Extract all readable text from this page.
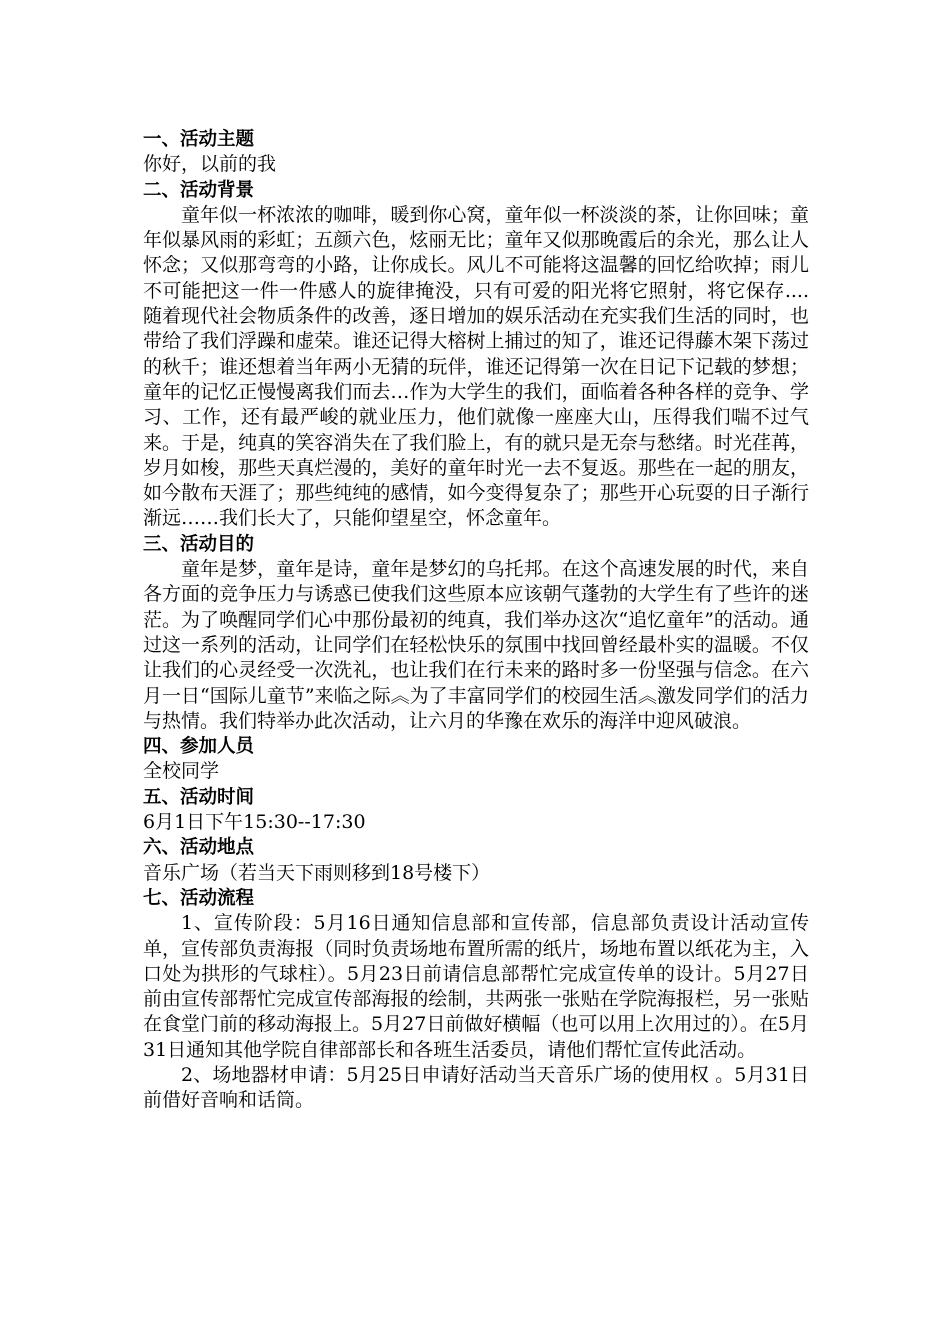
一、活动主题

你好，以前的我

二、活动背景

童年似一杯浓浓的咖啡，暖到你心窝，童年似一杯淡淡的茶，让你回味；童年似暴风雨的彩虹；五颜六色，炫丽无比；童年又似那晚霞后的余光，那么让人怀念；又似那弯弯的小路，让你成长。风儿不可能将这温馨的回忆给吹掉；雨儿不可能把这一件一件感人的旋律掩没，只有可爱的阳光将它照射，将它保存.... 随着现代社会物质条件的改善，逐日增加的娱乐活动在充实我们生活的同时，也带给了我们浮躁和虚荣。谁还记得大榕树上捕过的知了，谁还记得藤木架下荡过的秋千；谁还想着当年两小无猜的玩伴，谁还记得第一次在日记下记载的梦想；童年的记忆正慢慢离我们而去…作为大学生的我们，面临着各种各样的竞争、学习、工作，还有最严峻的就业压力，他们就像一座座大山，压得我们喘不过气来。于是，纯真的笑容消失在了我们脸上，有的就只是无奈与愁绪。时光荏苒，岁月如梭，那些天真烂漫的，美好的童年时光一去不复返。那些在一起的朋友，如今散布天涯了；那些纯纯的感情，如今变得复杂了；那些开心玩耍的日子渐行渐远……我们长大了，只能仰望星空，怀念童年。

三、活动目的

童年是梦，童年是诗，童年是梦幻的乌托邦。在这个高速发展的时代，来自各方面的竞争压力与诱惑已使我们这些原本应该朝气蓬勃的大学生有了些许的迷茫。为了唤醒同学们心中那份最初的纯真，我们举办这次“追忆童年”的活动。通过这一系列的活动，让同学们在轻松快乐的氛围中找回曾经最朴实的温暖。不仅让我们的心灵经受一次洗礼，也让我们在行未来的路时多一份坚强与信念。在六月一日“国际儿童节”来临之际︽为了丰富同学们的校园生活︽激发同学们的活力与热情。我们特举办此次活动，让六月的华豫在欢乐的海洋中迎风破浪。

四、参加人员

全校同学

五、活动时间

6月1日下午15:30--17:30

六、活动地点

音乐广场（若当天下雨则移到18号楼下）

七、活动流程

1、宣传阶段：5月16日通知信息部和宣传部，信息部负责设计活动宣传单，宣传部负责海报（同时负责场地布置所需的纸片，场地布置以纸花为主，入口处为拱形的气球柱）。5月23日前请信息部帮忙完成宣传单的设计。5月27日前由宣传部帮忙完成宣传部海报的绘制，共两张一张贴在学院海报栏，另一张贴在食堂门前的移动海报上。5月27日前做好横幅（也可以用上次用过的）。在5月31日通知其他学院自律部部长和各班生活委员，请他们帮忙宣传此活动。

2、场地器材申请：5月25日申请好活动当天音乐广场的使用权 。5月31日前借好音响和话筒。
